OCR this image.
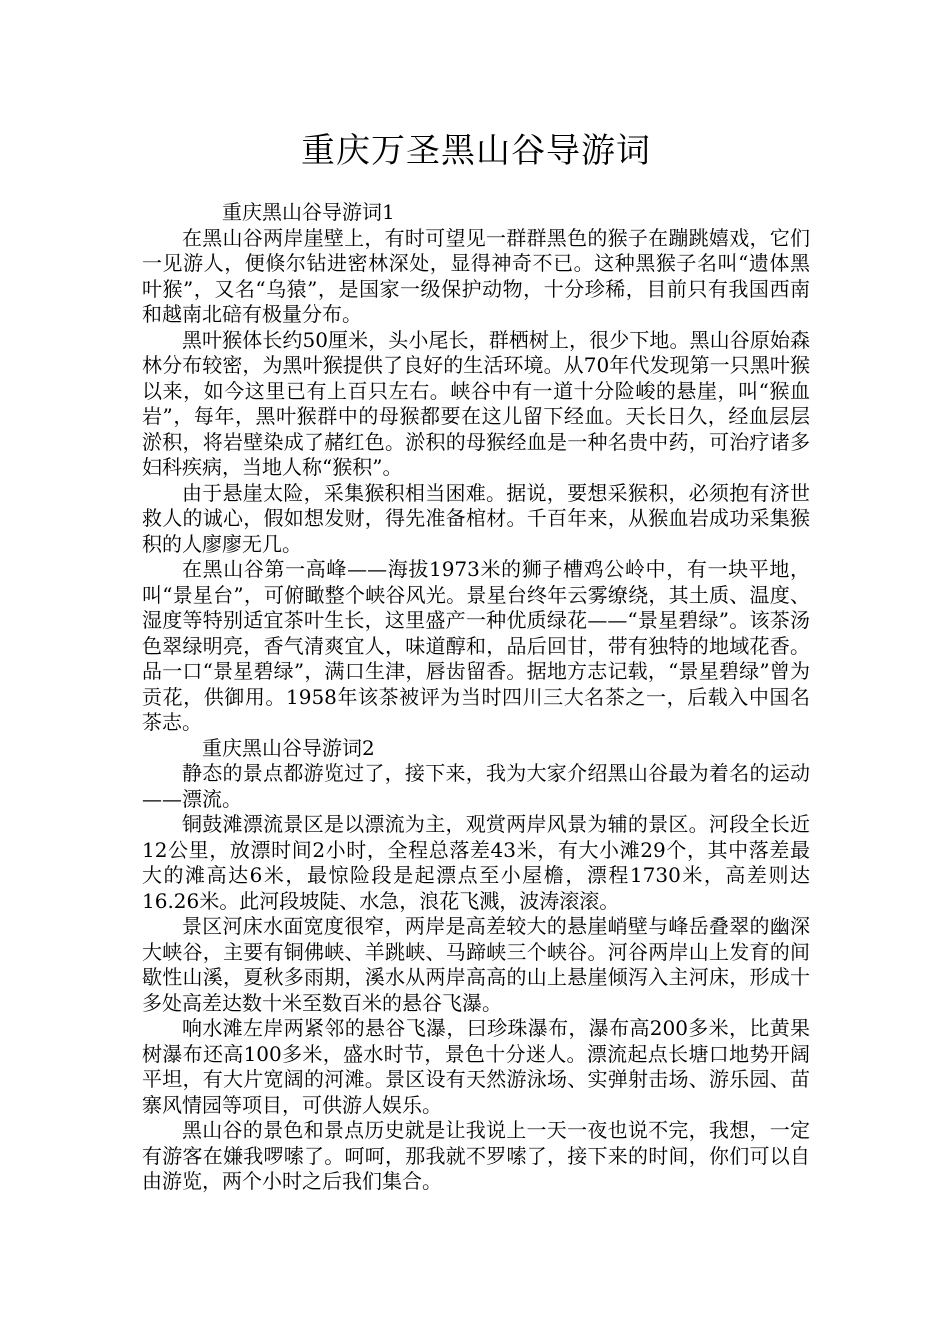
重庆万圣黑山谷导游词

重庆黑山谷导游词1

在黑山谷两岸崖壁上，有时可望见一群群黑色的猴子在蹦跳嬉戏，它们一见游人，便倏尔钻进密林深处，显得神奇不已。这种黑猴子名叫“遗体黑叶猴”，又名“乌猿”，是国家一级保护动物，十分珍稀，目前只有我国西南和越南北碚有极量分布。

黑叶猴体长约50厘米，头小尾长，群栖树上，很少下地。黑山谷原始森林分布较密，为黑叶猴提供了良好的生活环境。从70年代发现第一只黑叶猴以来，如今这里已有上百只左右。峡谷中有一道十分险峻的悬崖，叫“猴血岩”，每年，黑叶猴群中的母猴都要在这儿留下经血。天长日久，经血层层淤积，将岩壁染成了赭红色。淤积的母猴经血是一种名贵中药，可治疗诸多妇科疾病，当地人称“猴积”。

由于悬崖太险，采集猴积相当困难。据说，要想采猴积，必须抱有济世救人的诚心，假如想发财，得先准备棺材。千百年来，从猴血岩成功采集猴积的人廖廖无几。

在黑山谷第一高峰——海拔1973米的狮子槽鸡公岭中，有一块平地，叫“景星台”，可俯瞰整个峡谷风光。景星台终年云雾缭绕，其土质、温度、湿度等特别适宜茶叶生长，这里盛产一种优质绿花——“景星碧绿”。该茶汤色翠绿明亮，香气清爽宜人，味道醇和，品后回甘，带有独特的地域花香。品一口“景星碧绿”，满口生津，唇齿留香。据地方志记载，“景星碧绿”曾为贡花，供御用。1958年该茶被评为当时四川三大名茶之一，后载入中国名茶志。

重庆黑山谷导游词2

静态的景点都游览过了，接下来，我为大家介绍黑山谷最为着名的运动——漂流。

铜鼓滩漂流景区是以漂流为主，观赏两岸风景为辅的景区。河段全长近12公里，放漂时间2小时，全程总落差43米，有大小滩29个，其中落差最大的滩高达6米，最惊险段是起漂点至小屋檐，漂程1730米，高差则达16.26米。此河段坡陡、水急，浪花飞溅，波涛滚滚。

景区河床水面宽度很窄，两岸是高差较大的悬崖峭壁与峰岳叠翠的幽深大峡谷，主要有铜佛峡、羊跳峡、马蹄峡三个峡谷。河谷两岸山上发育的间歇性山溪，夏秋多雨期，溪水从两岸高高的山上悬崖倾泻入主河床，形成十多处高差达数十米至数百米的悬谷飞瀑。

响水滩左岸两紧邻的悬谷飞瀑，曰珍珠瀑布，瀑布高200多米，比黄果树瀑布还高100多米，盛水时节，景色十分迷人。漂流起点长塘口地势开阔平坦，有大片宽阔的河滩。景区设有天然游泳场、实弹射击场、游乐园、苗寨风情园等项目，可供游人娱乐。

黑山谷的景色和景点历史就是让我说上一天一夜也说不完，我想，一定有游客在嫌我啰嗦了。呵呵，那我就不罗嗦了，接下来的时间，你们可以自由游览，两个小时之后我们集合。
